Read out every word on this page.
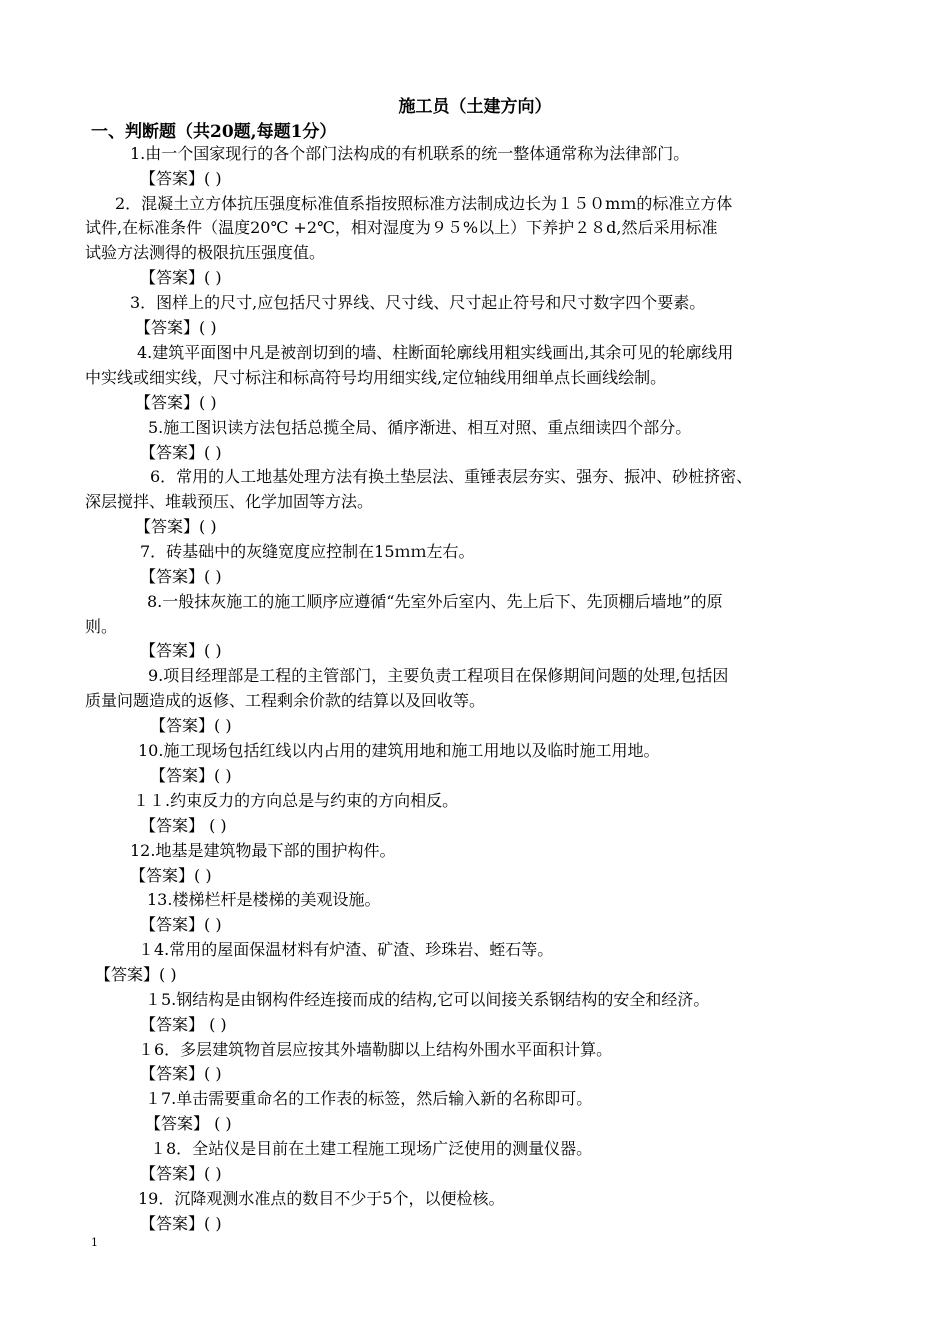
施工员（土建方向）
一、判断题（共20题,每题1分）
1.由一个国家现行的各个部门法构成的有机联系的统一整体通常称为法律部门。
【答案】( )
2．混凝土立方体抗压强度标准值系指按照标准方法制成边长为１５０mｍ的标准立方体
试件,在标准条件（温度20℃ +2℃，相对湿度为９５%以上）下养护２８d,然后采用标准
试验方法测得的极限抗压强度值。
【答案】( )
3．图样上的尺寸,应包括尺寸界线、尺寸线、尺寸起止符号和尺寸数字四个要素。
【答案】( )
4.建筑平面图中凡是被剖切到的墙、柱断面轮廓线用粗实线画出,其余可见的轮廓线用
中实线或细实线，尺寸标注和标高符号均用细实线,定位轴线用细单点长画线绘制。
【答案】( )
5.施工图识读方法包括总揽全局、循序渐进、相互对照、重点细读四个部分。
【答案】( )
6．常用的人工地基处理方法有换土垫层法、重锤表层夯实、强夯、振冲、砂桩挤密、
深层搅拌、堆载预压、化学加固等方法。
【答案】( )
7．砖基础中的灰缝宽度应控制在15ｍｍ左右。
【答案】( )
8.一般抹灰施工的施工顺序应遵循“先室外后室内、先上后下、先顶棚后墙地”的原
则。
【答案】( )
9.项目经理部是工程的主管部门，主要负责工程项目在保修期间问题的处理,包括因
质量问题造成的返修、工程剩余价款的结算以及回收等。
【答案】( )
10.施工现场包括红线以内占用的建筑用地和施工用地以及临时施工用地。
【答案】( )
１１.约束反力的方向总是与约束的方向相反。
【答案】 ( )
12.地基是建筑物最下部的围护构件。
【答案】( )
13.楼梯栏杆是楼梯的美观设施。
【答案】( )
１4.常用的屋面保温材料有炉渣、矿渣、珍珠岩、蛭石等。
【答案】( )
１5.钢结构是由钢构件经连接而成的结构,它可以间接关系钢结构的安全和经济。
【答案】 ( )
１6．多层建筑物首层应按其外墙勒脚以上结构外围水平面积计算。
【答案】( )
１7.单击需要重命名的工作表的标签，然后输入新的名称即可。
【答案】 ( )
１8．全站仪是目前在土建工程施工现场广泛使用的测量仪器。
【答案】( )
19．沉降观测水准点的数目不少于5个，以便检核。
【答案】( )
1
